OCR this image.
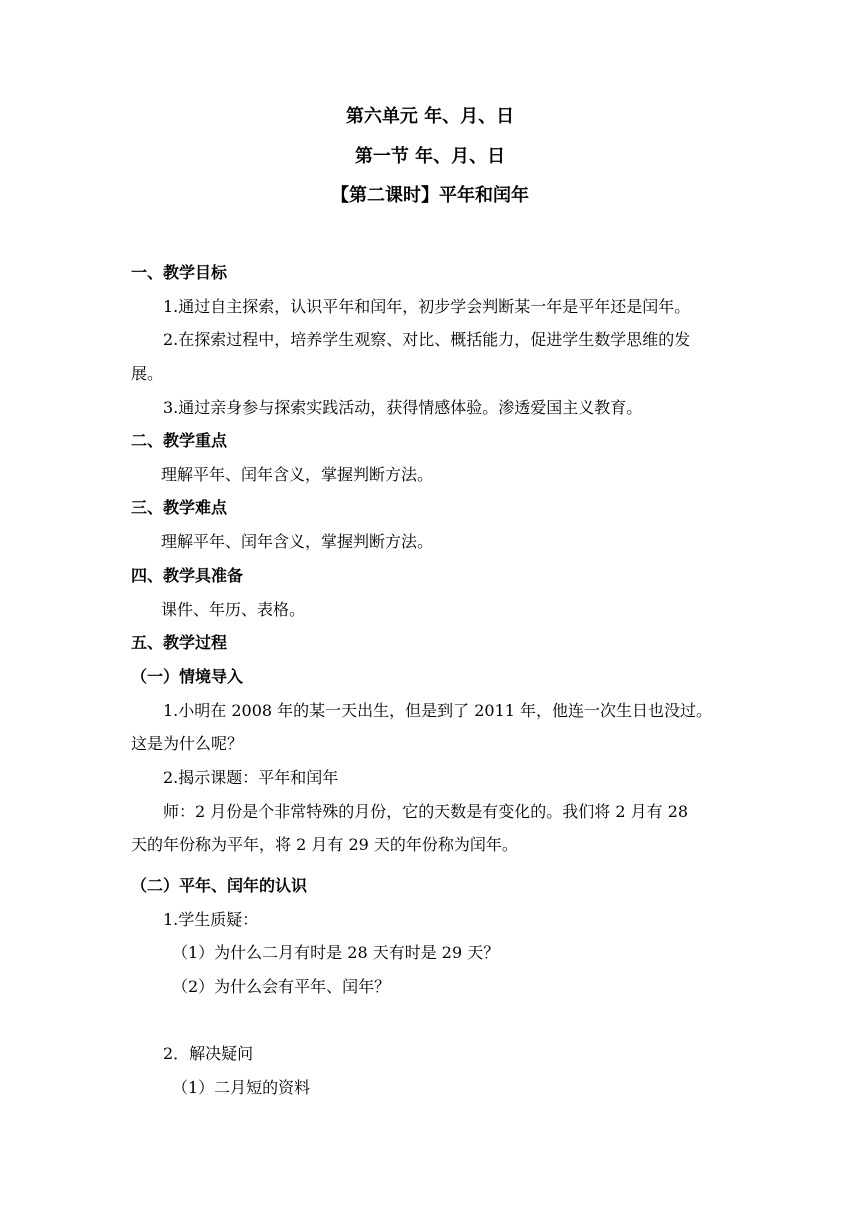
第六单元 年、月、日
第一节 年、月、日
【第二课时】平年和闰年
一、教学目标
1.通过自主探索，认识平年和闰年，初步学会判断某一年是平年还是闰年。
2.在探索过程中，培养学生观察、对比、概括能力，促进学生数学思维的发
展。
3.通过亲身参与探索实践活动，获得情感体验。渗透爱国主义教育。
二、教学重点
理解平年、闰年含义，掌握判断方法。
三、教学难点
理解平年、闰年含义，掌握判断方法。
四、教学具准备
课件、年历、表格。
五、教学过程
（一）情境导入
1.小明在 2008 年的某一天出生，但是到了 2011 年，他连一次生日也没过。
这是为什么呢？
2.揭示课题：平年和闰年
师：2 月份是个非常特殊的月份，它的天数是有变化的。我们将 2 月有 28
天的年份称为平年，将 2 月有 29 天的年份称为闰年。
（二）平年、闰年的认识
1.学生质疑：
（1）为什么二月有时是 28 天有时是 29 天？
（2）为什么会有平年、闰年？
2．解决疑问
（1）二月短的资料
